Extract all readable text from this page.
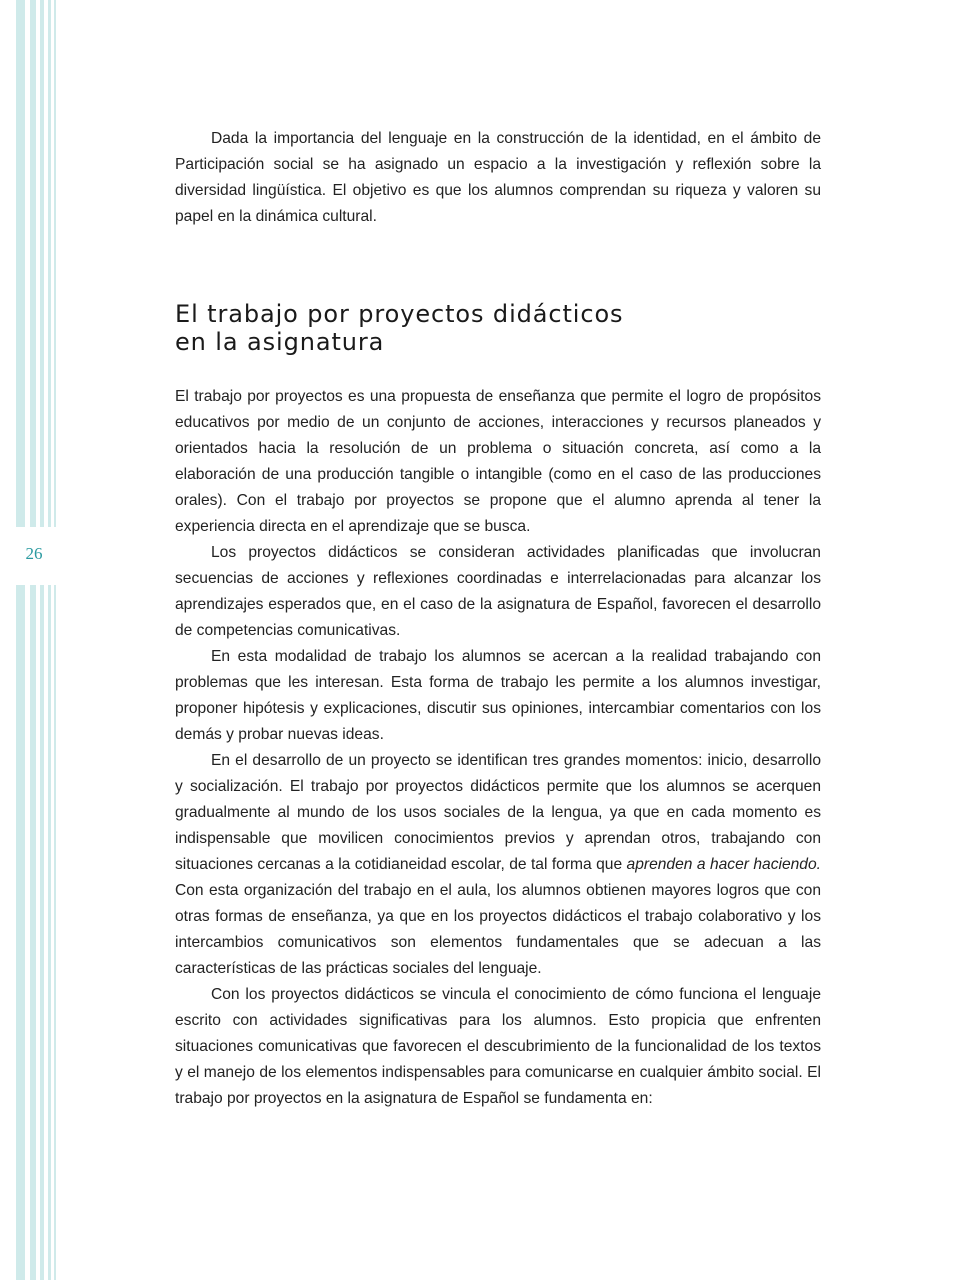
26

Dada la importancia del lenguaje en la construcción de la identidad, en el ámbito de Participación social se ha asignado un espacio a la investigación y reflexión sobre la diversidad lingüística. El objetivo es que los alumnos comprendan su riqueza y valoren su papel en la dinámica cultural.

El trabajo por proyectos didácticos
en la asignatura

El trabajo por proyectos es una propuesta de enseñanza que permite el logro de propósitos educativos por medio de un conjunto de acciones, interacciones y recursos planeados y orientados hacia la resolución de un problema o situación concreta, así como a la elaboración de una producción tangible o intangible (como en el caso de las producciones orales). Con el trabajo por proyectos se propone que el alumno aprenda al tener la experiencia directa en el aprendizaje que se busca.

Los proyectos didácticos se consideran actividades planificadas que involucran secuencias de acciones y reflexiones coordinadas e interrelacionadas para alcanzar los aprendizajes esperados que, en el caso de la asignatura de Español, favorecen el desarrollo de competencias comunicativas.

En esta modalidad de trabajo los alumnos se acercan a la realidad trabajando con problemas que les interesan. Esta forma de trabajo les permite a los alumnos investigar, proponer hipótesis y explicaciones, discutir sus opiniones, intercambiar comentarios con los demás y probar nuevas ideas.

En el desarrollo de un proyecto se identifican tres grandes momentos: inicio, desarrollo y socialización. El trabajo por proyectos didácticos permite que los alumnos se acerquen gradualmente al mundo de los usos sociales de la lengua, ya que en cada momento es indispensable que movilicen conocimientos previos y aprendan otros, trabajando con situaciones cercanas a la cotidianeidad escolar, de tal forma que aprenden a hacer haciendo. Con esta organización del trabajo en el aula, los alumnos obtienen mayores logros que con otras formas de enseñanza, ya que en los proyectos didácticos el trabajo colaborativo y los intercambios comunicativos son elementos fundamentales que se adecuan a las características de las prácticas sociales del lenguaje.

Con los proyectos didácticos se vincula el conocimiento de cómo funciona el lenguaje escrito con actividades significativas para los alumnos. Esto propicia que enfrenten situaciones comunicativas que favorecen el descubrimiento de la funcionalidad de los textos y el manejo de los elementos indispensables para comunicarse en cualquier ámbito social. El trabajo por proyectos en la asignatura de Español se fundamenta en:
